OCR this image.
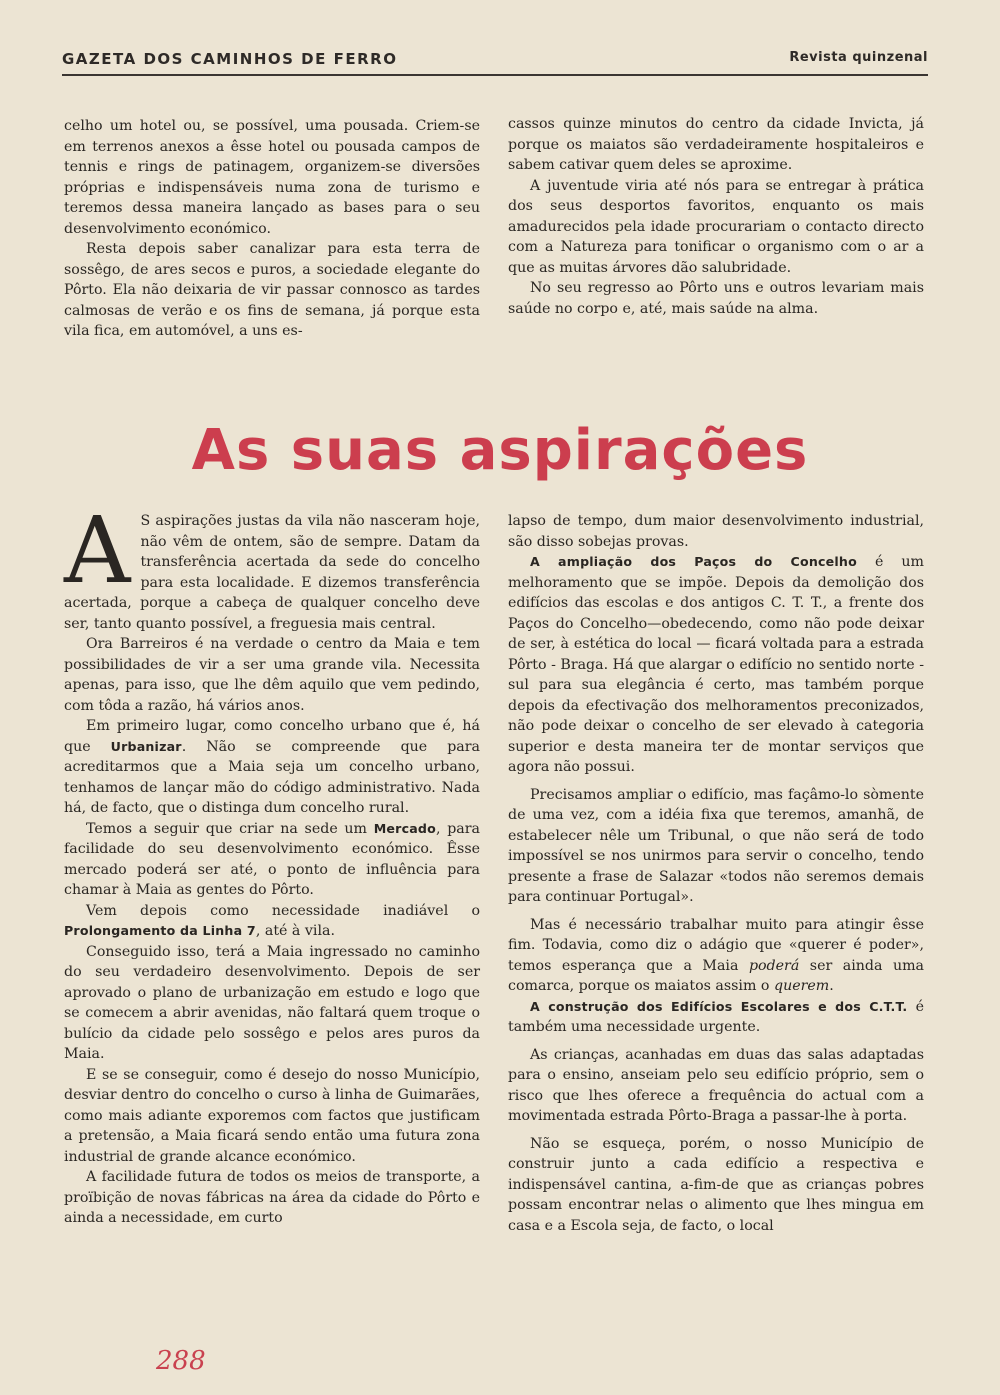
GAZETA DOS CAMINHOS DE FERRO	Revista quinzenal

celho um hotel ou, se possível, uma pousada. Criem-se em terrenos anexos a êsse hotel ou pousada campos de tennis e rings de patinagem, organizem-se diversões próprias e indispensáveis numa zona de turismo e teremos dessa maneira lançado as bases para o seu desenvolvimento económico.

Resta depois saber canalizar para esta terra de sossêgo, de ares secos e puros, a sociedade elegante do Pôrto. Ela não deixaria de vir passar connosco as tardes calmosas de verão e os fins de semana, já porque esta vila fica, em automóvel, a uns es-

cassos quinze minutos do centro da cidade Invicta, já porque os maiatos são verdadeiramente hospitaleiros e sabem cativar quem deles se aproxime.

A juventude viria até nós para se entregar à prática dos seus desportos favoritos, enquanto os mais amadurecidos pela idade procurariam o contacto directo com a Natureza para tonificar o organismo com o ar a que as muitas árvores dão salubridade.

No seu regresso ao Pôrto uns e outros levariam mais saúde no corpo e, até, mais saúde na alma.

As suas aspirações

A S aspirações justas da vila não nasceram hoje, não vêm de ontem, são de sempre. Datam da transferência acertada da sede do concelho para esta localidade. E dizemos transferência acertada, porque a cabeça de qualquer concelho deve ser, tanto quanto possível, a freguesia mais central.

Ora Barreiros é na verdade o centro da Maia e tem possibilidades de vir a ser uma grande vila. Necessita apenas, para isso, que lhe dêm aquilo que vem pedindo, com tôda a razão, há vários anos.

Em primeiro lugar, como concelho urbano que é, há que Urbanizar. Não se compreende que para acreditarmos que a Maia seja um concelho urbano, tenhamos de lançar mão do código administrativo. Nada há, de facto, que o distinga dum concelho rural.

Temos a seguir que criar na sede um Mercado, para facilidade do seu desenvolvimento económico. Êsse mercado poderá ser até, o ponto de influência para chamar à Maia as gentes do Pôrto.

Vem depois como necessidade inadiável o Prolongamento da Linha 7, até à vila.

Conseguido isso, terá a Maia ingressado no caminho do seu verdadeiro desenvolvimento. Depois de ser aprovado o plano de urbanização em estudo e logo que se comecem a abrir avenidas, não faltará quem troque o bulício da cidade pelo sossêgo e pelos ares puros da Maia.

E se se conseguir, como é desejo do nosso Município, desviar dentro do concelho o curso à linha de Guimarães, como mais adiante exporemos com factos que justificam a pretensão, a Maia ficará sendo então uma futura zona industrial de grande alcance económico.

A facilidade futura de todos os meios de transporte, a proïbição de novas fábricas na área da cidade do Pôrto e ainda a necessidade, em curto

lapso de tempo, dum maior desenvolvimento industrial, são disso sobejas provas.

A ampliação dos Paços do Concelho é um melhoramento que se impõe. Depois da demolição dos edifícios das escolas e dos antigos C. T. T., a frente dos Paços do Concelho—obedecendo, como não pode deixar de ser, à estética do local — ficará voltada para a estrada Pôrto - Braga. Há que alargar o edifício no sentido norte - sul para sua elegância é certo, mas também porque depois da efectivação dos melhoramentos preconizados, não pode deixar o concelho de ser elevado à categoria superior e desta maneira ter de montar serviços que agora não possui.

Precisamos ampliar o edifício, mas façâmo-lo sòmente de uma vez, com a idéia fixa que teremos, amanhã, de estabelecer nêle um Tribunal, o que não será de todo impossível se nos unirmos para servir o concelho, tendo presente a frase de Salazar «todos não seremos demais para continuar Portugal».

Mas é necessário trabalhar muito para atingir êsse fim. Todavia, como diz o adágio que «querer é poder», temos esperança que a Maia poderá ser ainda uma comarca, porque os maiatos assim o querem.

A construção dos Edifícios Escolares e dos C.T.T. é também uma necessidade urgente.

As crianças, acanhadas em duas das salas adaptadas para o ensino, anseiam pelo seu edifício próprio, sem o risco que lhes oferece a frequência do actual com a movimentada estrada Pôrto-Braga a passar-lhe à porta.

Não se esqueça, porém, o nosso Município de construir junto a cada edifício a respectiva e indispensável cantina, a-fim-de que as crianças pobres possam encontrar nelas o alimento que lhes mingua em casa e a Escola seja, de facto, o local

288
